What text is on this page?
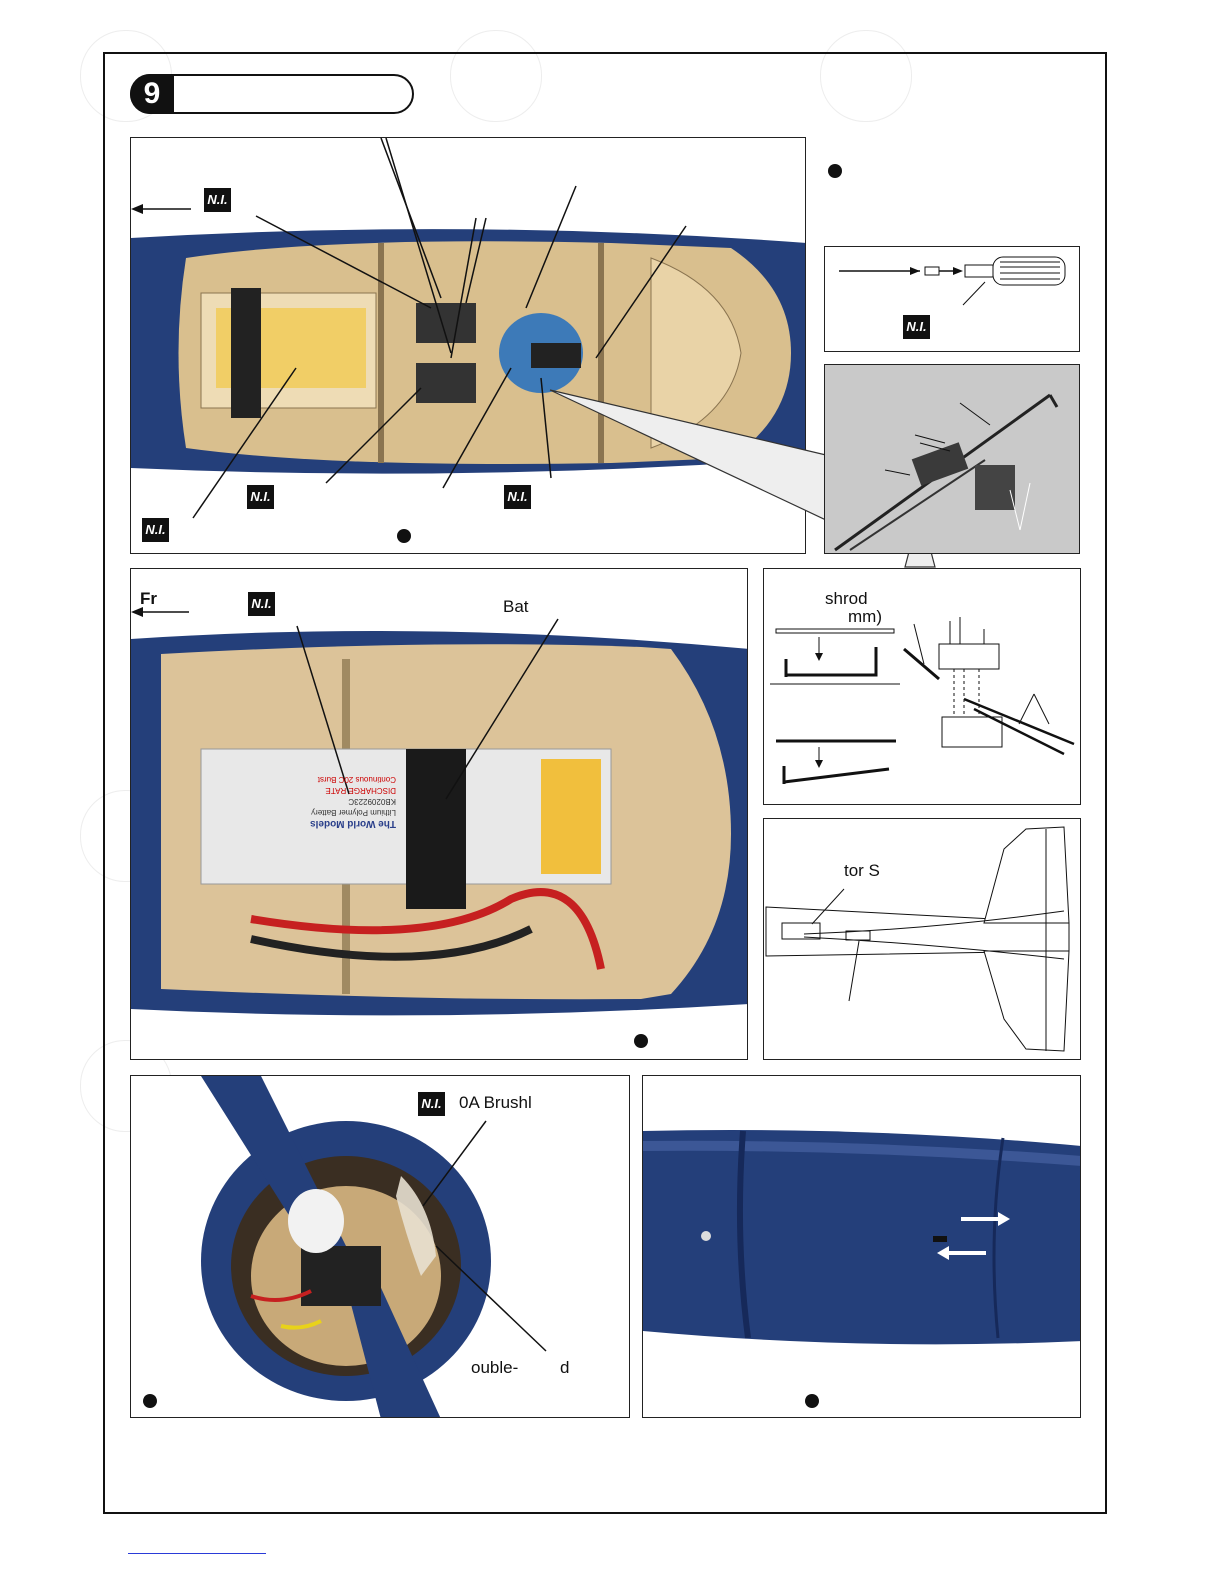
9
N.I.
N.I.	N.I.
N.I.
N.I.
Fr	N.I.	Bat
The World Models
Lithium Polymer Battery
KB0209223C
DISCHARGE RATE
Continuous 20C Burst
shrod
mm)
tor S
N.I. 0A Brushl
ouble- d
